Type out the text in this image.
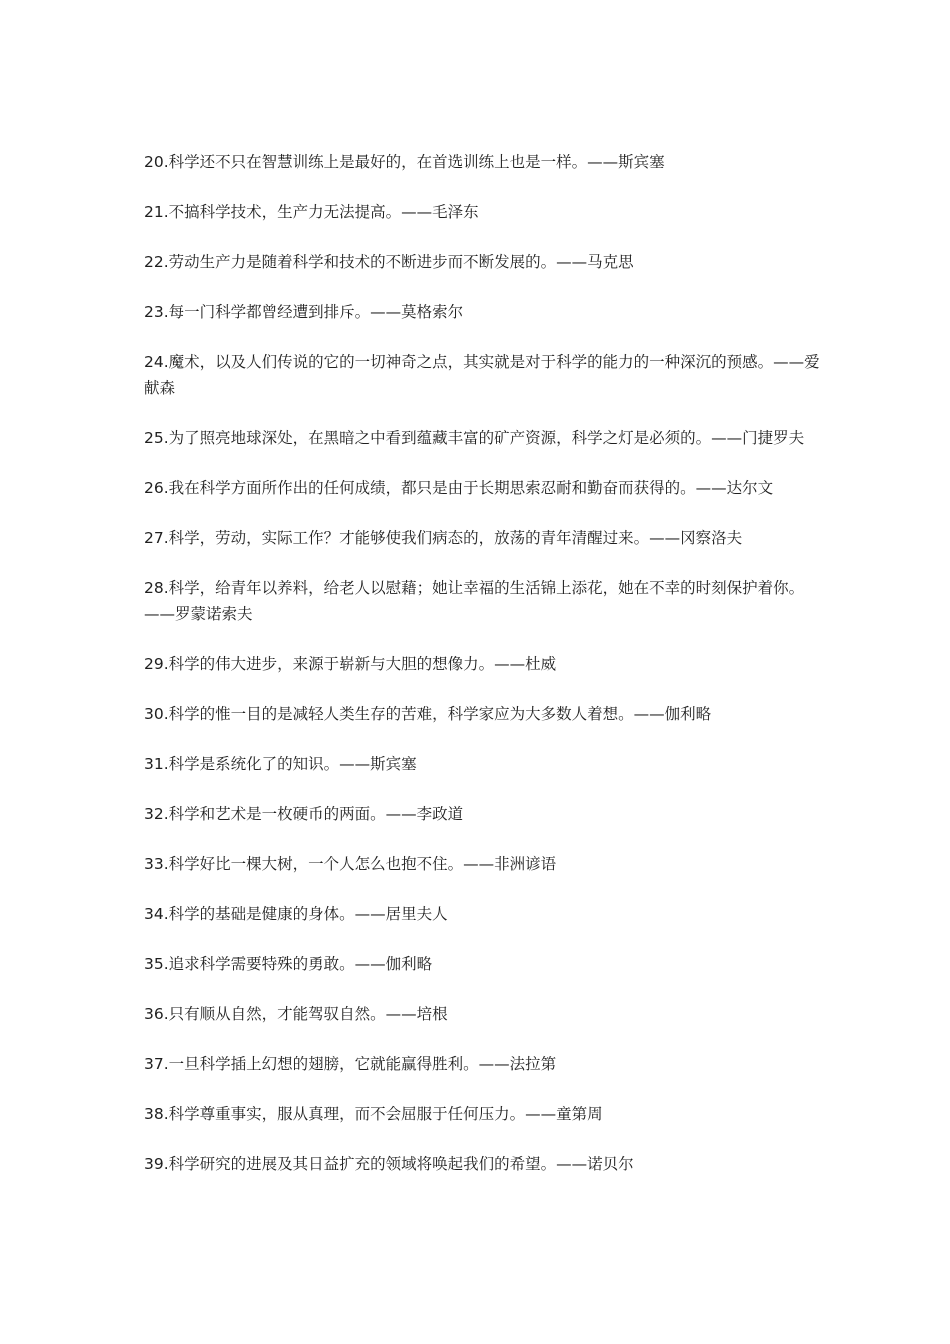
20.科学还不只在智慧训练上是最好的，在首选训练上也是一样。——斯宾塞
21.不搞科学技术，生产力无法提高。——毛泽东
22.劳动生产力是随着科学和技术的不断进步而不断发展的。——马克思
23.每一门科学都曾经遭到排斥。——莫格索尔
24.魔术，以及人们传说的它的一切神奇之点，其实就是对于科学的能力的一种深沉的预感。——爱献森
25.为了照亮地球深处，在黑暗之中看到蕴藏丰富的矿产资源，科学之灯是必须的。——门捷罗夫
26.我在科学方面所作出的任何成绩，都只是由于长期思索忍耐和勤奋而获得的。——达尔文
27.科学，劳动，实际工作？才能够使我们病态的，放荡的青年清醒过来。——冈察洛夫
28.科学，给青年以养料，给老人以慰藉；她让幸福的生活锦上添花，她在不幸的时刻保护着你。——罗蒙诺索夫
29.科学的伟大进步，来源于崭新与大胆的想像力。——杜威
30.科学的惟一目的是减轻人类生存的苦难，科学家应为大多数人着想。——伽利略
31.科学是系统化了的知识。——斯宾塞
32.科学和艺术是一枚硬币的两面。——李政道
33.科学好比一棵大树，一个人怎么也抱不住。——非洲谚语
34.科学的基础是健康的身体。——居里夫人
35.追求科学需要特殊的勇敢。——伽利略
36.只有顺从自然，才能驾驭自然。——培根
37.一旦科学插上幻想的翅膀，它就能赢得胜利。——法拉第
38.科学尊重事实，服从真理，而不会屈服于任何压力。——童第周
39.科学研究的进展及其日益扩充的领域将唤起我们的希望。——诺贝尔
